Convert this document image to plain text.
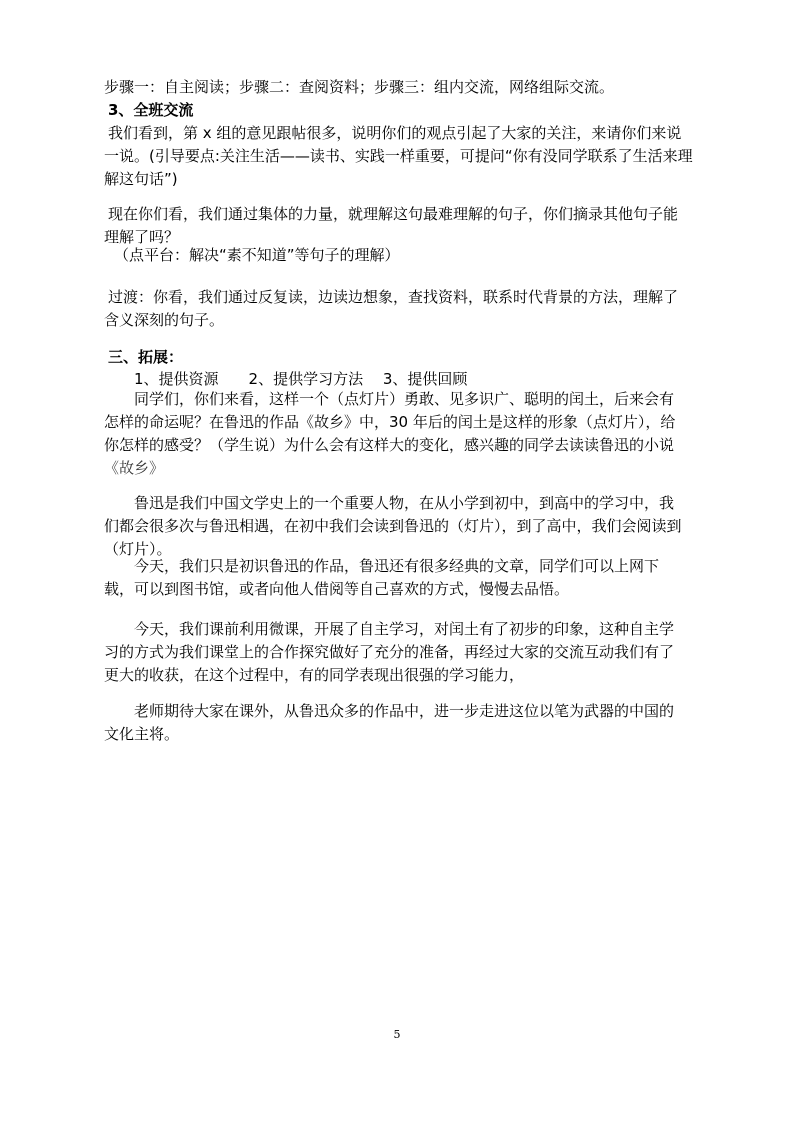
步骤一：自主阅读；步骤二：查阅资料；步骤三：组内交流，网络组际交流。

3、全班交流

我们看到，第 x 组的意见跟帖很多，说明你们的观点引起了大家的关注，来请你们来说
一说。(引导要点:关注生活——读书、实践一样重要，可提问“你有没同学联系了生活来理
解这句话”)

现在你们看，我们通过集体的力量，就理解这句最难理解的句子，你们摘录其他句子能
理解了吗？

（点平台：解决“素不知道”等句子的理解）

过渡：你看，我们通过反复读，边读边想象，查找资料，联系时代背景的方法，理解了
含义深刻的句子。

三、拓展：

1、提供资源　　2、提供学习方法　 3、提供回顾

同学们，你们来看，这样一个（点灯片）勇敢、见多识广、聪明的闰土，后来会有
怎样的命运呢？在鲁迅的作品《故乡》中，30 年后的闰土是这样的形象（点灯片），给
你怎样的感受？（学生说）为什么会有这样大的变化，感兴趣的同学去读读鲁迅的小说
《故乡》

鲁迅是我们中国文学史上的一个重要人物，在从小学到初中，到高中的学习中，我
们都会很多次与鲁迅相遇，在初中我们会读到鲁迅的（灯片），到了高中，我们会阅读到
（灯片）。

今天，我们只是初识鲁迅的作品，鲁迅还有很多经典的文章，同学们可以上网下
载，可以到图书馆，或者向他人借阅等自己喜欢的方式，慢慢去品悟。

今天，我们课前利用微课，开展了自主学习，对闰土有了初步的印象，这种自主学
习的方式为我们课堂上的合作探究做好了充分的准备，再经过大家的交流互动我们有了
更大的收获，在这个过程中，有的同学表现出很强的学习能力，

老师期待大家在课外，从鲁迅众多的作品中，进一步走进这位以笔为武器的中国的
文化主将。

5
